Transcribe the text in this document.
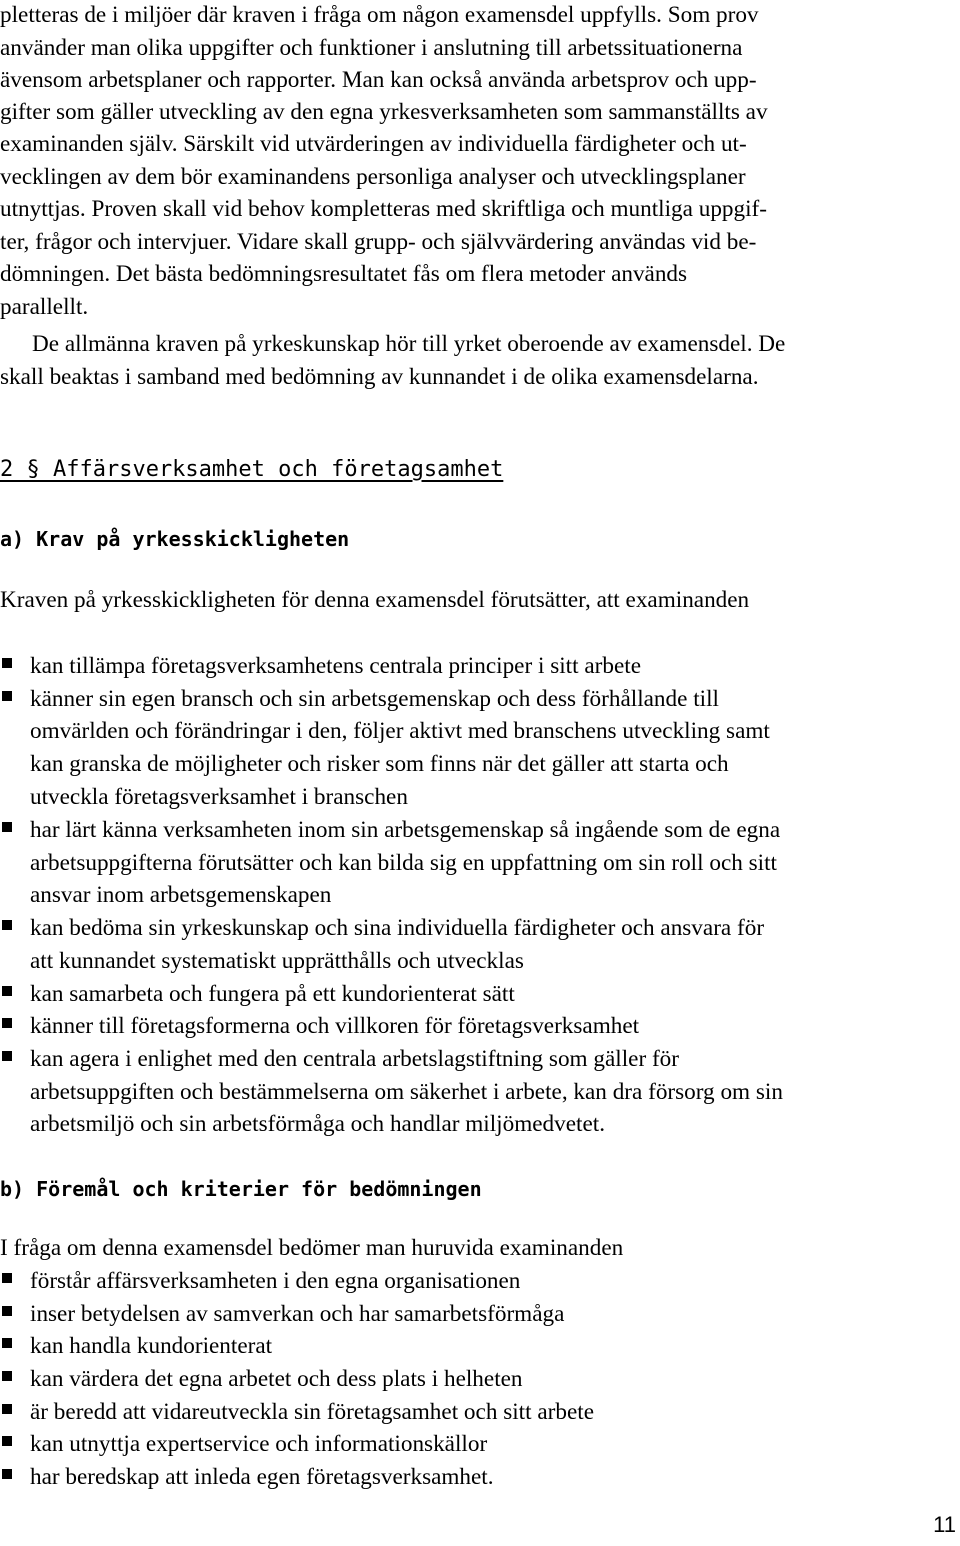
pletteras de i miljöer där kraven i fråga om någon examensdel uppfylls. Som prov
använder man olika uppgifter och funktioner i anslutning till arbetssituationerna
ävensom arbetsplaner och rapporter. Man kan också använda arbetsprov och upp-
gifter som gäller utveckling av den egna yrkesverksamheten som sammanställts av
examinanden själv. Särskilt vid utvärderingen av individuella färdigheter och ut-
vecklingen av dem bör examinandens personliga analyser och utvecklingsplaner
utnyttjas. Proven skall vid behov kompletteras med skriftliga och muntliga uppgif-
ter, frågor och intervjuer. Vidare skall grupp- och självvärdering användas vid be-
dömningen. Det bästa bedömningsresultatet fås om flera metoder används
parallellt.
De allmänna kraven på yrkeskunskap hör till yrket oberoende av examensdel. De
skall beaktas i samband med bedömning av kunnandet i de olika examensdelarna.
2 § Affärsverksamhet och företagsamhet
a) Krav på yrkesskickligheten
Kraven på yrkesskickligheten för denna examensdel förutsätter, att examinanden
kan tillämpa företagsverksamhetens centrala principer i sitt arbete
känner sin egen bransch och sin arbetsgemenskap och dess förhållande till
omvärlden och förändringar i den, följer aktivt med branschens utveckling samt
kan granska de möjligheter och risker som finns när det gäller att starta och
utveckla företagsverksamhet i branschen
har lärt känna verksamheten inom sin arbetsgemenskap så ingående som de egna
arbetsuppgifterna förutsätter och kan bilda sig en uppfattning om sin roll och sitt
ansvar inom arbetsgemenskapen
kan bedöma sin yrkeskunskap och sina individuella färdigheter och ansvara för
att kunnandet systematiskt upprätthålls och utvecklas
kan samarbeta och fungera på ett kundorienterat sätt
känner till företagsformerna och villkoren för företagsverksamhet
kan agera i enlighet med den centrala arbetslagstiftning som gäller för
arbetsuppgiften och bestämmelserna om säkerhet i arbete, kan dra försorg om sin
arbetsmiljö och sin arbetsförmåga och handlar miljömedvetet.
b) Föremål och kriterier för bedömningen
I fråga om denna examensdel bedömer man huruvida examinanden
förstår affärsverksamheten i den egna organisationen
inser betydelsen av samverkan och har samarbetsförmåga
kan handla kundorienterat
kan värdera det egna arbetet och dess plats i helheten
är beredd att vidareutveckla sin företagsamhet och sitt arbete
kan utnyttja expertservice och informationskällor
har beredskap att inleda egen företagsverksamhet.
11
